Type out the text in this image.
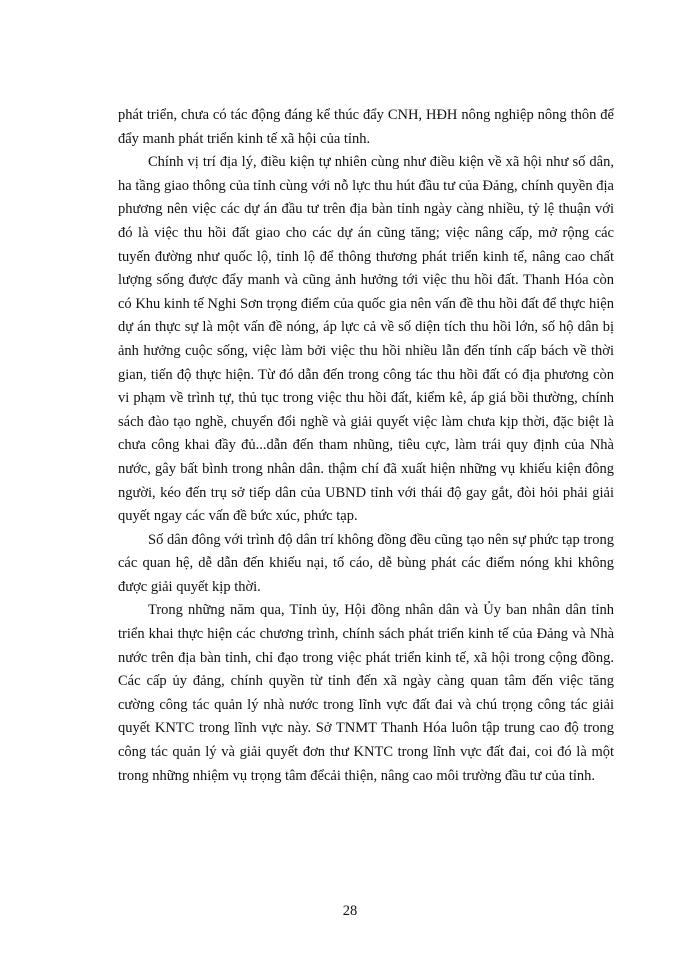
phát triển, chưa có tác động đáng kể thúc đẩy CNH, HĐH nông nghiệp nông thôn để đẩy manh phát triển kinh tế xã hội của tỉnh.

Chính vị trí địa lý, điều kiện tự nhiên cùng như điều kiện về xã hội như số dân, ha tầng giao thông của tỉnh cùng với nỗ lực thu hút đầu tư của Đảng, chính quyền địa phương nên việc các dự án đầu tư trên địa bàn tỉnh ngày càng nhiều, tỷ lệ thuận với đó là việc thu hồi đất giao cho các dự án cũng tăng; việc nâng cấp, mở rộng các tuyến đường như quốc lộ, tỉnh lộ để thông thương phát triển kinh tế, nâng cao chất lượng sống được đẩy manh và cũng ảnh hưởng tới việc thu hồi đất. Thanh Hóa còn có Khu kinh tế Nghi Sơn trọng điểm của quốc gia nên vấn đề thu hồi đất để thực hiện dự án thực sự là một vấn đề nóng, áp lực cả về số diện tích thu hồi lớn, số hộ dân bị ảnh hưởng cuộc sống, việc làm bởi việc thu hồi nhiều lẫn đến tính cấp bách về thời gian, tiến độ thực hiện. Từ đó dẫn đến trong công tác thu hồi đất có địa phương còn vi phạm về trình tự, thủ tục trong việc thu hồi đất, kiểm kê, áp giá bồi thường, chính sách đào tạo nghề, chuyển đổi nghề và giải quyết việc làm chưa kịp thời, đặc biệt là chưa công khai đầy đủ...dẫn đến tham nhũng, tiêu cực, làm trái quy định của Nhà nước, gây bất bình trong nhân dân. thậm chí đã xuất hiện những vụ khiếu kiện đông người, kéo đến trụ sở tiếp dân của UBND tỉnh với thái độ gay gắt, đòi hỏi phải giải quyết ngay các vấn đề bức xúc, phức tạp.

Số dân đông với trình độ dân trí không đồng đều cũng tạo nên sự phức tạp trong các quan hệ, dễ dẫn đến khiếu nại, tố cáo, dễ bùng phát các điểm nóng khi không được giải quyết kịp thời.

Trong những năm qua, Tỉnh ủy, Hội đồng nhân dân và Ủy ban nhân dân tỉnh triển khai thực hiện các chương trình, chính sách phát triển kinh tế của Đảng và Nhà nước trên địa bàn tỉnh, chỉ đạo trong việc phát triển kinh tế, xã hội trong cộng đồng. Các cấp ủy đảng, chính quyền từ tỉnh đến xã ngày càng quan tâm đến việc tăng cường công tác quản lý nhà nước trong lĩnh vực đất đai và chú trọng công tác giải quyết KNTC trong lĩnh vực này. Sở TNMT Thanh Hóa luôn tập trung cao độ trong công tác quản lý và giải quyết đơn thư KNTC trong lĩnh vực đất đai, coi đó là một trong những nhiệm vụ trọng tâm đểcải thiện, nâng cao môi trường đầu tư của tỉnh.

28
